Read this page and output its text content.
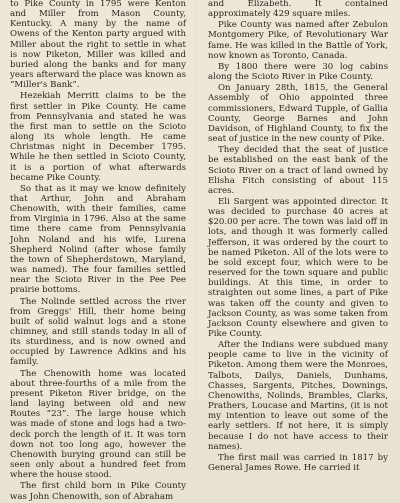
to Pike County in 1795 were Kenton and Miller from Mason County, Kentucky. A many by the name of Owens of the Kenton party argued with Miller about the right to settle in what is now Piketon, Miller was killed and buried along the banks and for many years afterward the place was known as “Miller's Bank”.

Hezekiah Merritt claims to be the first settler in Pike County. He came from Pennsylvania and stated he was the first man to settle on the Scioto along its whole length. He came Christmas night in December 1795. While he then settled in Scioto County, it is a portion of what afterwards became Pike County.

So that as it may we know definitely that Arthur, John and Abraham Chenowith, with their families, came from Virginia in 1796. Also at the same time there came from Pennsylvania John Noland and his wife, Lurena Shepherd Nolind (after whose family the town of Shepherdstown, Maryland, was named). The four families settled near the Scioto River in the Pee Pee prairie bottoms.

The Nolinde settled across the river from Greggs' Hill, their home being built of solid walnut logs and a stone chimney, and still stands today in all of its sturdiness, and is now owned and occupied by Lawrence Adkins and his family.

The Chenowith home was located about three-fourths of a mile from the present Piketon River bridge, on the land laying between old and new Routes “23”. The large house which was made of stone and logs had a two-deck porch the length of it. It was torn down not too long ago, however the Chenowith burying ground can still be seen only about a hundred feet from where the house stood.

The first child born in Pike County was John Chenowith, son of Abraham

and Elizabeth. It contained approximately 429 square miles.

Pike County was named after Zebulon Montgomery Pike, of Revolutionary War fame. He was killed in the Battle of York, now known as Toronto, Canada.

By 1800 there were 30 log cabins along the Scioto River in Pike County.

On January 28th, 1815, the General Assembly of Ohio appointed three commissioners, Edward Tupple, of Gallia County, George Barnes and John Davidson, of Highland County, to fix the seat of justice in the new county of Pike.

They decided that the seat of justice be established on the east bank of the Scioto River on a tract of land owned by Elisha Fitch consisting of about 115 acres.

Eli Sargent was appointed director. It was decided to purchase 40 acres at $20.00 per acre. The town was laid off in lots, and though it was formerly called Jefferson, it was ordered by the court to be named Piketon. All of the lots were to be sold except four, which were to be reserved for the town square and public buildings. At this time, in order to straighten out some lines, a part of Pike was taken off the county and given to Jackson County, as was some taken from Jackson County elsewhere and given to Pike County.

After the Indians were subdued many people came to live in the vicinity of Piketon. Among them were the Monroes, Talbots, Dailys, Daniels, Dunhams, Chasses, Sargents, Pitches, Downings, Chenowiths, Nolinds, Brambles, Clarks, Prathers, Loucase and Martins, (it is not my intention to leave out some of the early settlers. If not here, it is simply because I do not have access to their names).

The first mail was carried in 1817 by General James Rowe. He carried it
